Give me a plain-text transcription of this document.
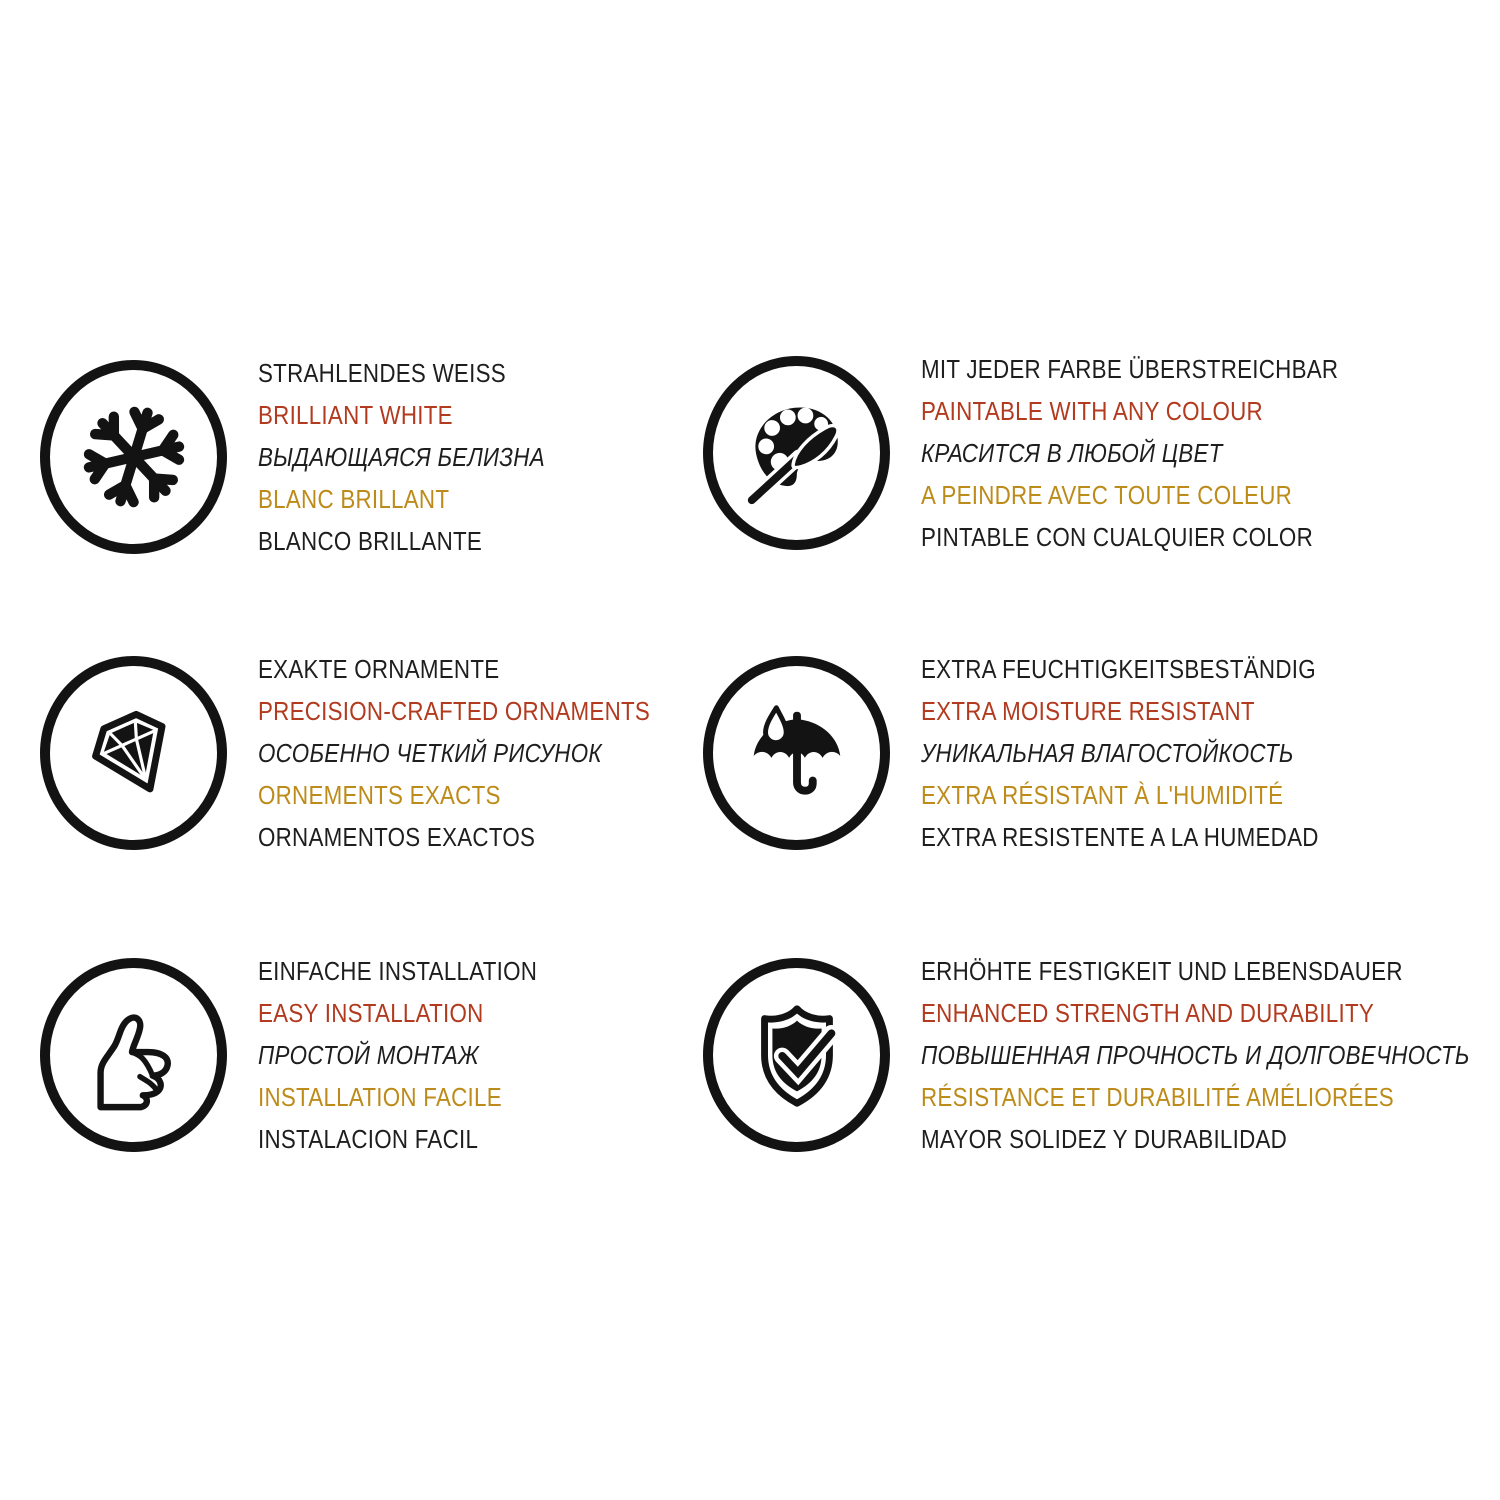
STRAHLENDES WEISS
BRILLIANT WHITE
ВЫДАЮЩАЯСЯ БЕЛИЗНА
BLANC BRILLANT
BLANCO BRILLANTE
MIT JEDER FARBE ÜBERSTREICHBAR
PAINTABLE WITH ANY COLOUR
КРАСИТСЯ В ЛЮБОЙ ЦВЕТ
A PEINDRE AVEC TOUTE COLEUR
PINTABLE CON CUALQUIER COLOR
EXAKTE ORNAMENTE
PRECISION-CRAFTED ORNAMENTS
ОСОБЕННО ЧЕТКИЙ РИСУНОК
ORNEMENTS EXACTS
ORNAMENTOS EXACTOS
EXTRA FEUCHTIGKEITSBESTÄNDIG
EXTRA MOISTURE RESISTANT
УНИКАЛЬНАЯ ВЛАГОСТОЙКОСТЬ
EXTRA RÉSISTANT À L'HUMIDITÉ
EXTRA RESISTENTE A LA HUMEDAD
EINFACHE INSTALLATION
EASY INSTALLATION
ПРОСТОЙ МОНТАЖ
INSTALLATION FACILE
INSTALACION FACIL
ERHÖHTE FESTIGKEIT UND LEBENSDAUER
ENHANCED STRENGTH AND DURABILITY
ПОВЫШЕННАЯ ПРОЧНОСТЬ И ДОЛГОВЕЧНОСТЬ
RÉSISTANCE ET DURABILITÉ AMÉLIORÉES
MAYOR SOLIDEZ Y DURABILIDAD
